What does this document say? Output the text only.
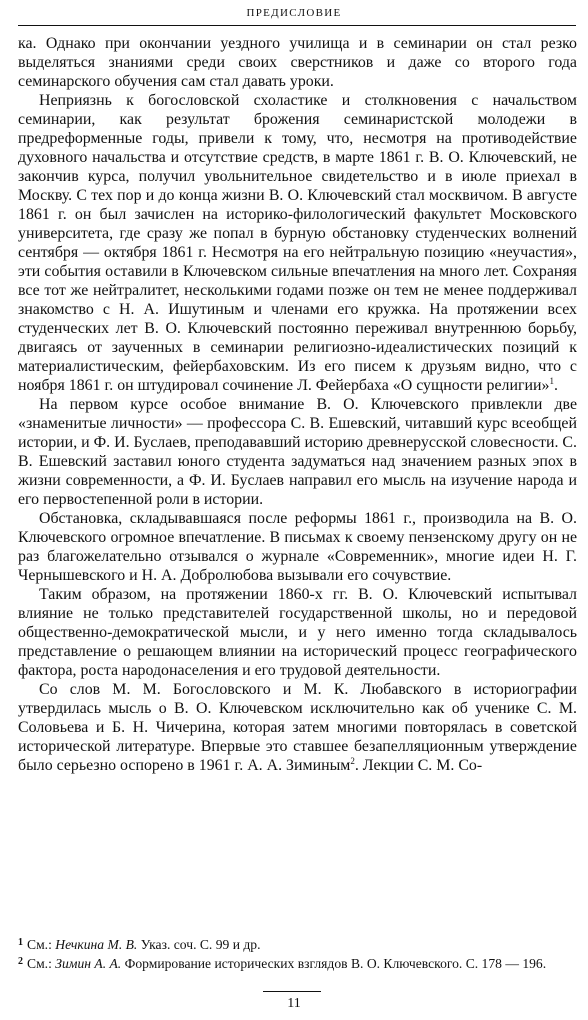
ПРЕДИСЛОВИЕ

ка. Однако при окончании уездного училища и в семинарии он стал резко выделяться знаниями среди своих сверстников и даже со второго года семинарского обучения сам стал давать уроки.

Неприязнь к богословской схоластике и столкновения с начальством семинарии, как результат брожения семинаристской молодежи в предреформенные годы, привели к тому, что, несмотря на противодействие духовного начальства и отсутствие средств, в марте 1861 г. В. О. Ключевский, не закончив курса, получил увольнительное свидетельство и в июле приехал в Москву. С тех пор и до конца жизни В. О. Ключевский стал москвичом. В августе 1861 г. он был зачислен на историко-филологический факультет Московского университета, где сразу же попал в бурную обстановку студенческих волнений сентября — октября 1861 г. Несмотря на его нейтральную позицию «неучастия», эти события оставили в Ключевском сильные впечатления на много лет. Сохраняя все тот же нейтралитет, несколькими годами позже он тем не менее поддерживал знакомство с Н. А. Ишутиным и членами его кружка. На протяжении всех студенческих лет В. О. Ключевский постоянно переживал внутреннюю борьбу, двигаясь от заученных в семинарии религиозно-идеалистических позиций к материалистическим, фейербаховским. Из его писем к друзьям видно, что с ноября 1861 г. он штудировал сочинение Л. Фейербаха «О сущности религии»$^1$.

На первом курсе особое внимание В. О. Ключевского привлекли две «знаменитые личности» — профессора С. В. Ешевский, читавший курс всеобщей истории, и Ф. И. Буслаев, преподававший историю древнерусской словесности. С. В. Ешевский заставил юного студента задуматься над значением разных эпох в жизни современности, а Ф. И. Буслаев направил его мысль на изучение народа и его первостепенной роли в истории.

Обстановка, складывавшаяся после реформы 1861 г., производила на В. О. Ключевского огромное впечатление. В письмах к своему пензенскому другу он не раз благожелательно отзывался о журнале «Современник», многие идеи Н. Г. Чернышевского и Н. А. Добролюбова вызывали его сочувствие.

Таким образом, на протяжении 1860-х гг. В. О. Ключевский испытывал влияние не только представителей государственной школы, но и передовой общественно-демократической мысли, и у него именно тогда складывалось представление о решающем влиянии на исторический процесс географического фактора, роста народонаселения и его трудовой деятельности.

Со слов М. М. Богословского и М. К. Любавского в историографии утвердилась мысль о В. О. Ключевском исключительно как об ученике С. М. Соловьева и Б. Н. Чичерина, которая затем многими повторялась в советской исторической литературе. Впервые это ставшее безапелляционным утверждение было серьезно оспорено в 1961 г. А. А. Зиминым$^2$. Лекции С. М. Со-

$^1$ См.: Нечкина М. В. Указ. соч. С. 99 и др.

$^2$ См.: Зимин А. А. Формирование исторических взглядов В. О. Ключевского. С. 178 — 196.

11
